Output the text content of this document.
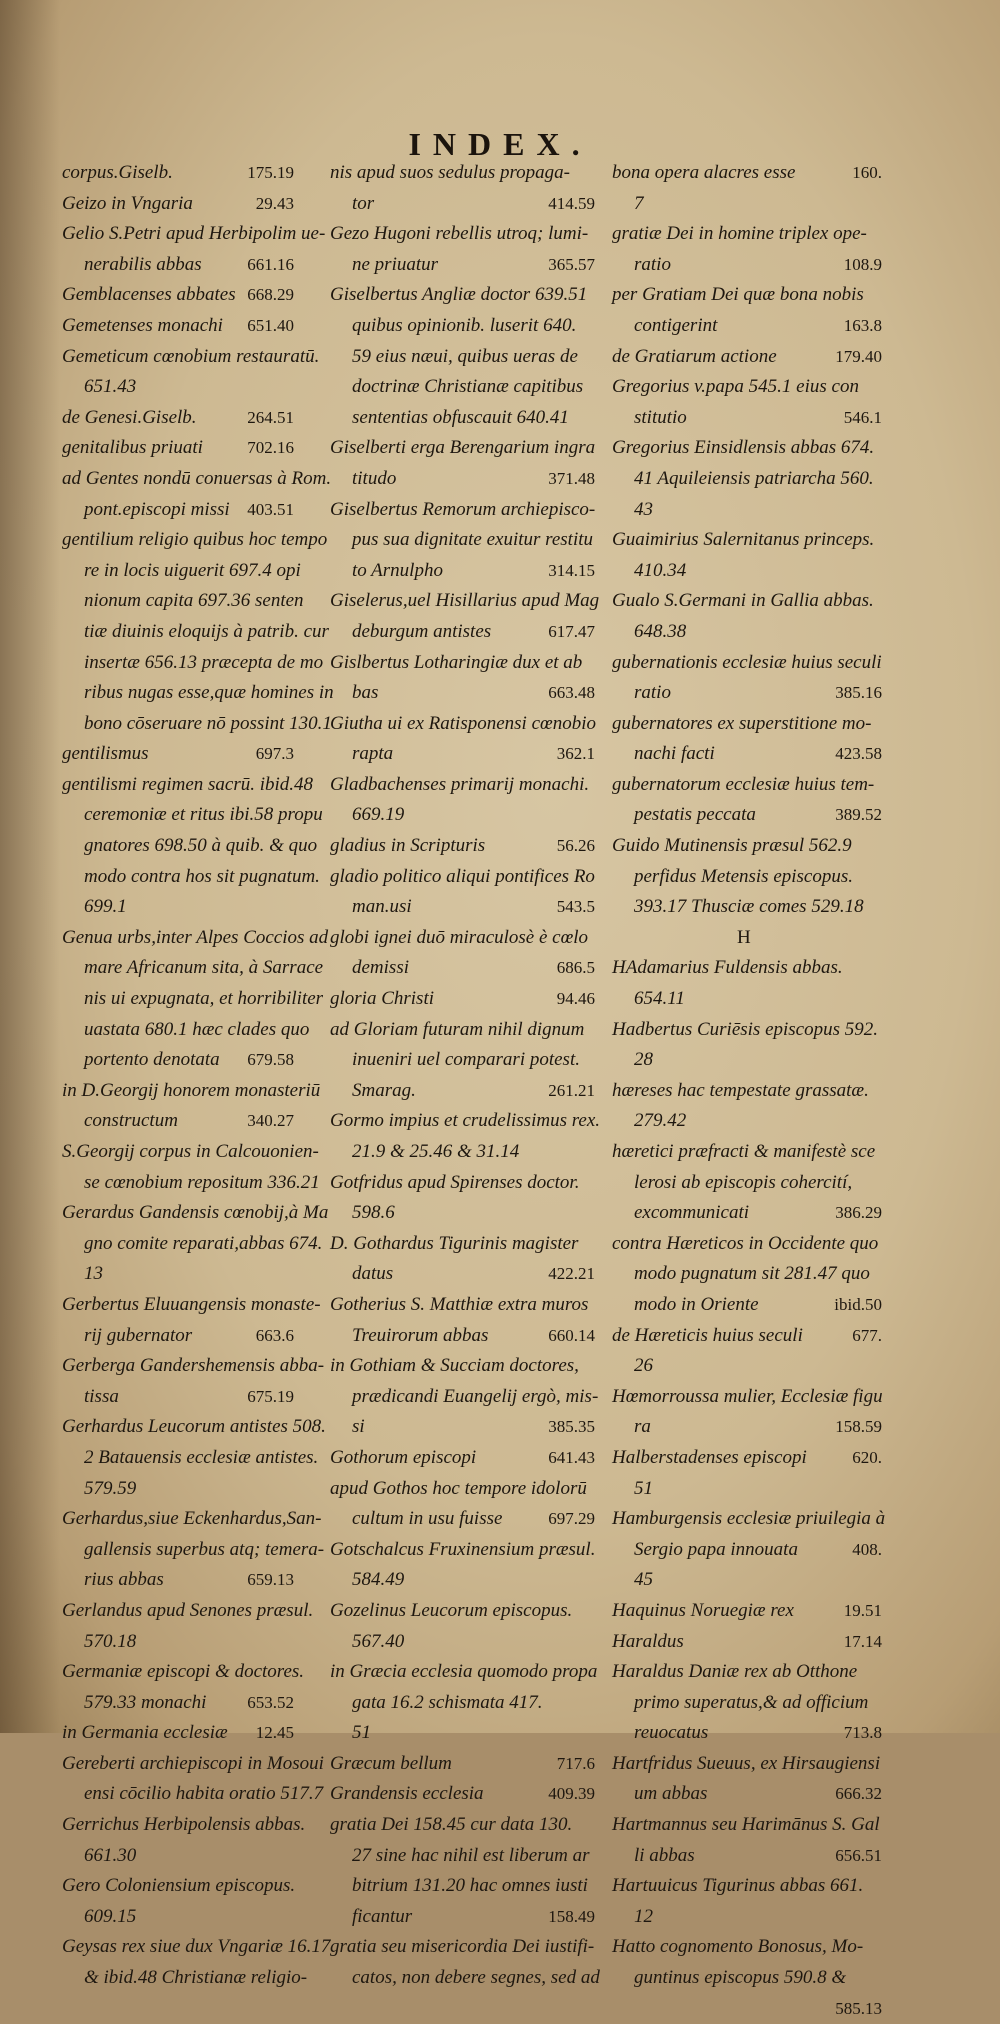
INDEX.
corpus.Giselb.	175.19
Geizo in Vngaria	29.43
Gelio S.Petri apud Herbipolim ue-
nerabilis abbas	661.16
Gemblacenses abbates 668.29
Gemetenses monachi 651.40
Gemeticum cœnobium restauratū.
651.43
de Genesi.Giselb.	264.51
genitalibus priuati	702.16
ad Gentes nondū conuersas à Rom.
pont.episcopi missi 403.51
gentilium religio quibus hoc tempo
re in locis uiguerit 697.4 opi
nionum capita 697.36 senten
tiæ diuinis eloquijs à patrib. cur
insertæ 656.13 præcepta de mo
ribus nugas esse,quæ homines in
bono cōseruare nō possint 130.1
gentilismus	697.3
gentilismi regimen sacrū. ibid.48
ceremoniæ et ritus ibi.58 propu
gnatores 698.50 à quib. & quo
modo contra hos sit pugnatum.
699.1
Genua urbs,inter Alpes Coccios ad
mare Africanum sita, à Sarrace
nis ui expugnata, et horribiliter
uastata 680.1 hæc clades quo
portento denotata 679.58
in D.Georgij honorem monasteriū
constructum	340.27
S.Georgij corpus in Calcouonien-
se cœnobium repositum 336.21
Gerardus Gandensis cœnobij,à Ma
gno comite reparati,abbas 674.
13
Gerbertus Eluuangensis monaste-
rij gubernator	663.6
Gerberga Gandershemensis abba-
tissa	675.19
Gerhardus Leucorum antistes 508.
2 Batauensis ecclesiæ antistes.
579.59
Gerhardus,siue Eckenhardus,San-
gallensis superbus atq; temera-
rius abbas	659.13
Gerlandus apud Senones præsul.
570.18
Germaniæ episcopi & doctores.
579.33 monachi 653.52
in Germania ecclesiæ 12.45
Gereberti archiepiscopi in Mosoui
ensi cōcilio habita oratio 517.7
Gerrichus Herbipolensis abbas.
661.30
Gero Coloniensium episcopus.
609.15
Geysas rex siue dux Vngariæ 16.17
& ibid.48 Christianæ religio-
nis apud suos sedulus propaga-
tor	414.59
Gezo Hugoni rebellis utroq; lumi-
ne priuatur	365.57
Giselbertus Angliæ doctor 639.51
quibus opinionib. luserit 640.
59 eius næui, quibus ueras de
doctrinæ Christianæ capitibus
sententias obfuscauit 640.41
Giselberti erga Berengarium ingra
titudo	371.48
Giselbertus Remorum archiepisco-
pus sua dignitate exuitur restitu
to Arnulpho	314.15
Giselerus,uel Hisillarius apud Mag
deburgum antistes	617.47
Gislbertus Lotharingiæ dux et ab
bas	663.48
Giutha ui ex Ratisponensi cœnobio
rapta	362.1
Gladbachenses primarij monachi.
669.19
gladius in Scripturis	56.26
gladio politico aliqui pontifices Ro
man.usi	543.5
globi ignei duō miraculosè è cœlo
demissi	686.5
gloria Christi	94.46
ad Gloriam futuram nihil dignum
inueniri uel comparari potest.
Smarag.	261.21
Gormo impius et crudelissimus rex.
21.9 & 25.46 & 31.14
Gotfridus apud Spirenses doctor.
598.6
D. Gothardus Tigurinis magister
datus	422.21
Gotherius S. Matthiæ extra muros
Treuirorum abbas	660.14
in Gothiam & Succiam doctores,
prædicandi Euangelij ergò, mis-
si	385.35
Gothorum episcopi	641.43
apud Gothos hoc tempore idolorū
cultum in usu fuisse	697.29
Gotschalcus Fruxinensium præsul.
584.49
Gozelinus Leucorum episcopus.
567.40
in Græcia ecclesia quomodo propa
gata 16.2 schismata 417.
51
Græcum bellum	717.6
Grandensis ecclesia	409.39
gratia Dei 158.45 cur data 130.
27 sine hac nihil est liberum ar
bitrium 131.20 hac omnes iusti
ficantur	158.49
gratia seu misericordia Dei iustifi-
catos, non debere segnes, sed ad
bona opera alacres esse	160.
7
gratiæ Dei in homine triplex ope-
ratio	108.9
per Gratiam Dei quæ bona nobis
contigerint	163.8
de Gratiarum actione	179.40
Gregorius v.papa 545.1 eius con
stitutio	546.1
Gregorius Einsidlensis abbas 674.
41 Aquileiensis patriarcha 560.
43
Guaimirius Salernitanus princeps.
410.34
Gualo S.Germani in Gallia abbas.
648.38
gubernationis ecclesiæ huius seculi
ratio	385.16
gubernatores ex superstitione mo-
nachi facti	423.58
gubernatorum ecclesiæ huius tem-
pestatis peccata	389.52
Guido Mutinensis præsul 562.9
perfidus Metensis episcopus.
393.17 Thusciæ comes 529.18
H
HAdamarius Fuldensis abbas.
654.11
Hadbertus Curiēsis episcopus 592.
28
hæreses hac tempestate grassatæ.
279.42
hæretici præfracti & manifestè sce
lerosi ab episcopis cohercití,
excommunicati	386.29
contra Hæreticos in Occidente quo
modo pugnatum sit 281.47 quo
modo in Oriente	ibid.50
de Hæreticis huius seculi	677.
26
Hœmorroussa mulier, Ecclesiæ figu
ra	158.59
Halberstadenses episcopi	620.
51
Hamburgensis ecclesiæ priuilegia à
Sergio papa innouata	408.
45
Haquinus Noruegiæ rex	19.51
Haraldus	17.14
Haraldus Daniæ rex ab Otthone
primo superatus,& ad officium
reuocatus	713.8
Hartfridus Sueuus, ex Hirsaugiensi
um abbas	666.32
Hartmannus seu Harimānus S. Gal
li abbas	656.51
Hartuuicus Tigurinus abbas 661.
12
Hatto cognomento Bonosus, Mo-
guntinus episcopus 590.8 &
585.13
